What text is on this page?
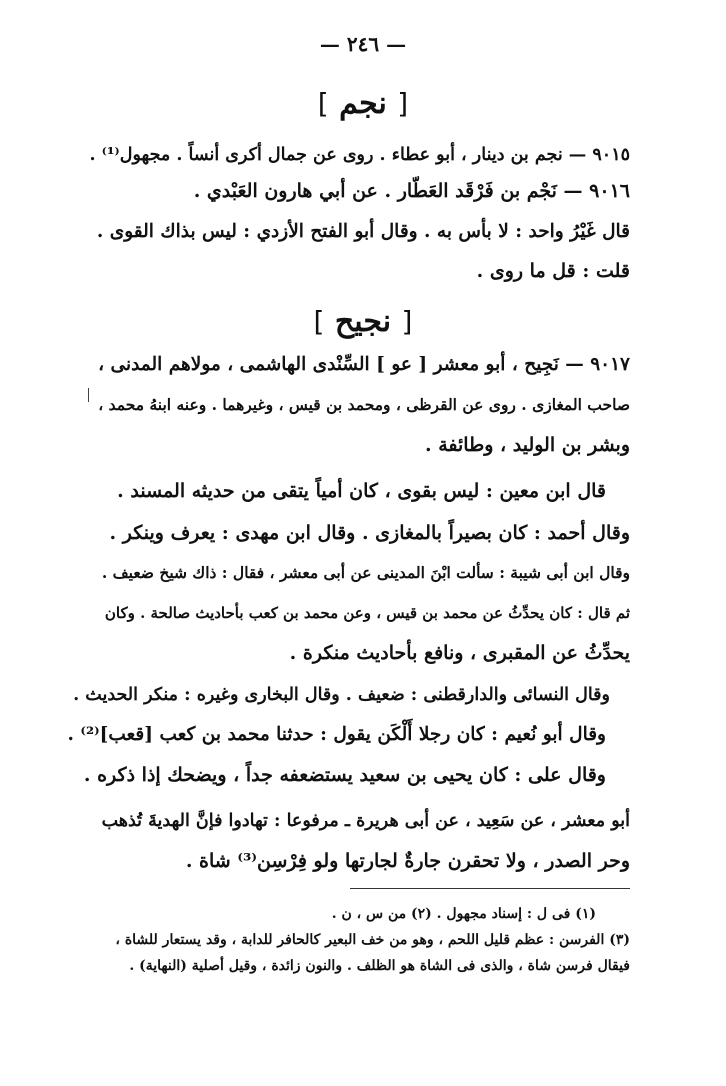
— ٢٤٦ —
[ نجم ]
٩٠١٥ — نجم بن دينار ، أبو عطاء . روى عن جمال أكرى أنساً . مجهول⁽¹⁾ .
٩٠١٦ — نَجْم بن فَرْقَد العَطّار . عن أبي هارون العَبْدي .
قال غَيْرُ واحد : لا بأس به . وقال أبو الفتح الأزدي : ليس بذاك القوى .
قلت : قل ما روى .
[ نجيح ]
٩٠١٧ — نَجِيح ، أبو معشر [ عو ] السِّنْدى الهاشمى ، مولاهم المدنى ،
صاحب المغازى . روى عن القرظى ، ومحمد بن قيس ، وغيرهما . وعنه ابنهُ محمد ،
وبشر بن الوليد ، وطائفة .
قال ابن معين : ليس بقوى ، كان أمياً يتقى من حديثه المسند .
وقال أحمد : كان بصيراً بالمغازى . وقال ابن مهدى : يعرف وينكر .
وقال ابن أبى شيبة : سألت ابْنَ المدينى عن أبى معشر ، فقال : ذاك شيخ ضعيف .
ثم قال : كان يحدِّثُ عن محمد بن قيس ، وعن محمد بن كعب بأحاديث صالحة . وكان
يحدِّثُ عن المقبرى ، ونافع بأحاديث منكرة .
وقال النسائى والدارقطنى : ضعيف . وقال البخارى وغيره : منكر الحديث .
وقال أبو نُعيم : كان رجلا أَلْكَن يقول : حدثنا محمد بن كعب [قعب]⁽²⁾ .
وقال على : كان يحيى بن سعيد يستضعفه جداً ، ويضحك إذا ذكره .
أبو معشر ، عن سَعِيد ، عن أبى هريرة ـ مرفوعا : تهادوا فإنَّ الهديةَ تُذهب
وحر الصدر ، ولا تحقرن جارةٌ لجارتها ولو فِرْسِن⁽³⁾ شاة .
(١) فى ل : إسناد مجهول . (٢) من س ، ن .
(٣) الفرسن : عظم قليل اللحم ، وهو من خف البعير كالحافر للدابة ، وقد يستعار للشاة ،
فيقال فرسن شاة ، والذى فى الشاة هو الظلف . والنون زائدة ، وقيل أصلية (النهاية) .
